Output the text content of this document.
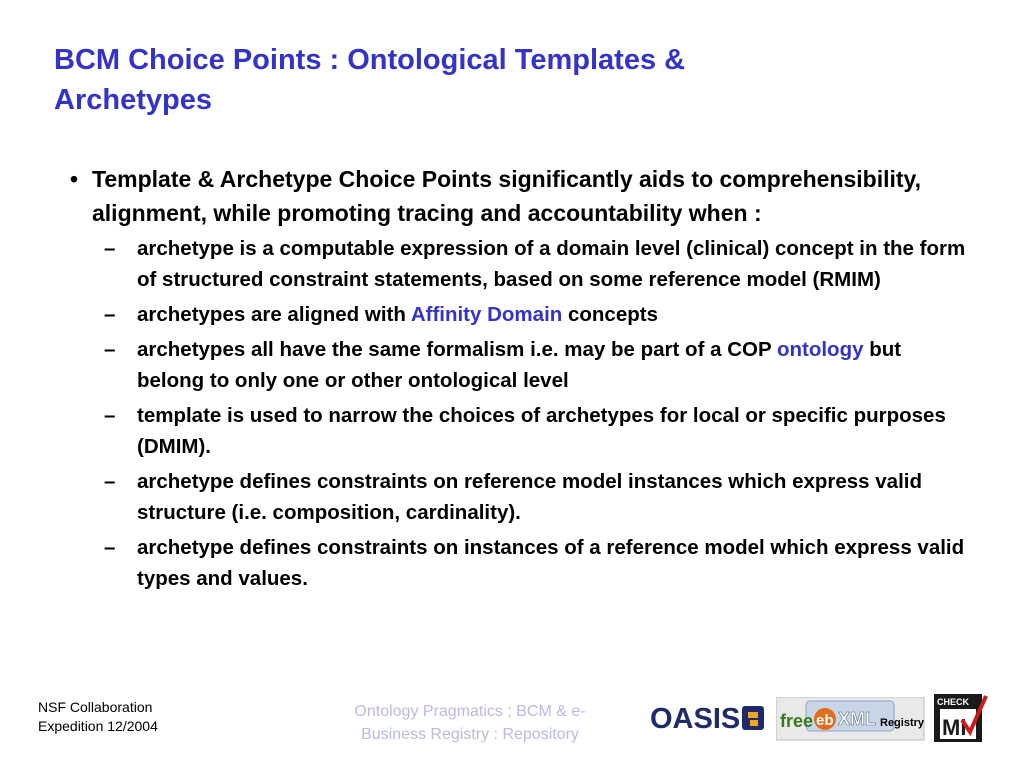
BCM Choice Points : Ontological Templates &
Archetypes
• Template & Archetype Choice Points significantly aids to comprehensibility, alignment, while promoting tracing and accountability when :
– archetype is a computable expression of a domain level (clinical) concept in the form of structured constraint statements, based on some reference model (RMIM)
– archetypes are aligned with Affinity Domain concepts
– archetypes all have the same formalism i.e. may be part of a COP ontology but belong to only one or other ontological level
– template is used to narrow the choices of archetypes for local or specific purposes (DMIM).
– archetype defines constraints on reference model instances which express valid structure (i.e. composition, cardinality).
– archetype defines constraints on instances of a reference model which express valid types and values.
NSF Collaboration
Expedition 12/2004
Ontology Pragmatics ; BCM & e-
Business Registry : Repository	OASIS free eb XML Registry
CHECK
Mi
